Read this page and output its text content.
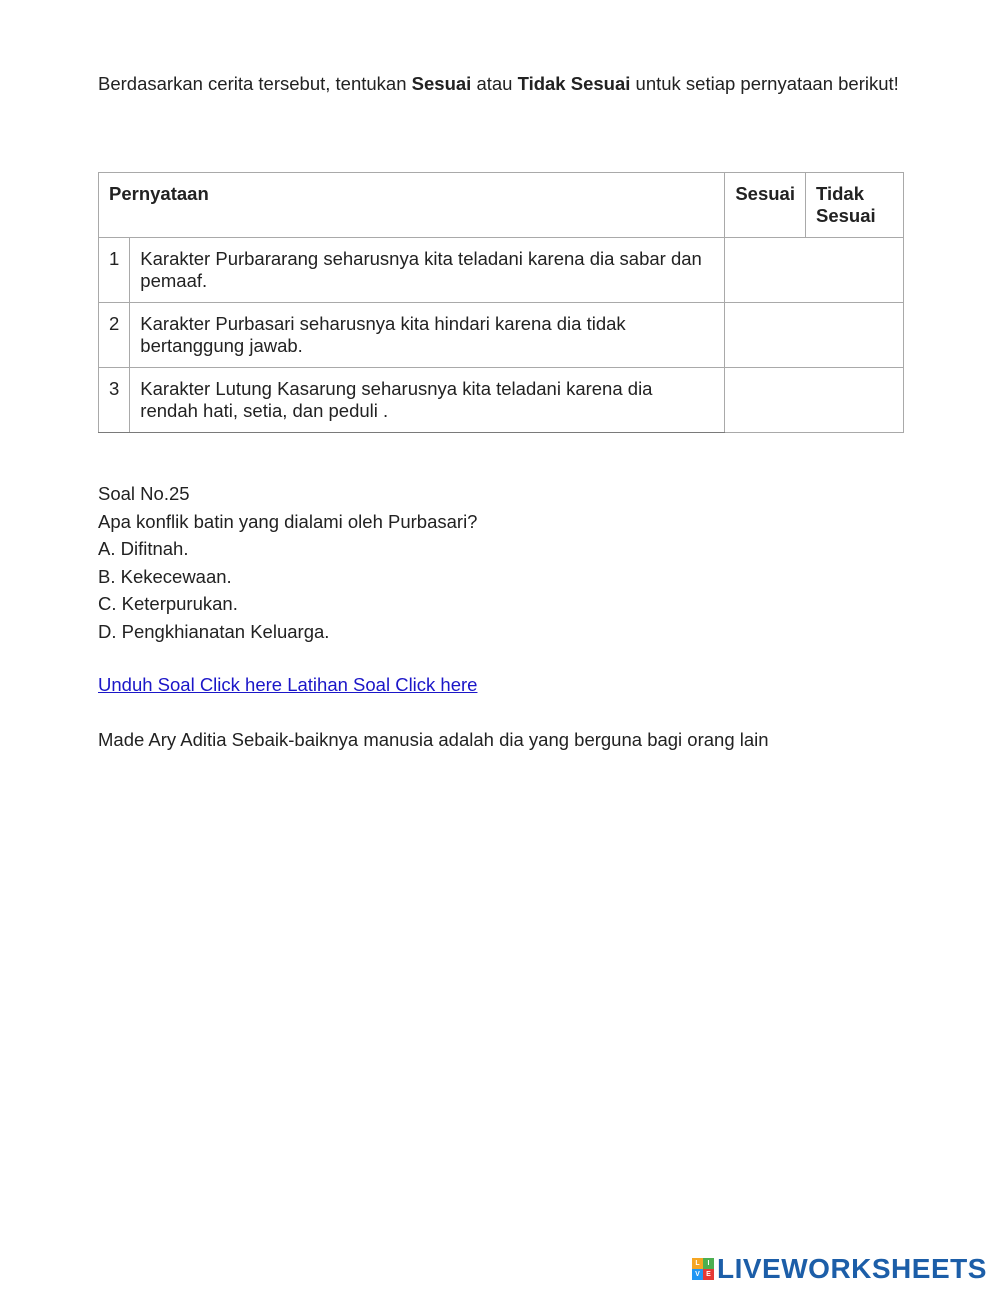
Berdasarkan cerita tersebut, tentukan Sesuai atau Tidak Sesuai untuk setiap pernyataan berikut!

Pernyataan		Sesuai	Tidak Sesuai
1	Karakter Purbararang seharusnya kita teladani karena dia sabar dan pemaaf.		
2	Karakter Purbasari seharusnya kita hindari karena dia tidak bertanggung jawab.		
3	Karakter Lutung Kasarung seharusnya kita teladani karena dia rendah hati, setia, dan peduli .		
Soal No.25
Apa konflik batin yang dialami oleh Purbasari?
A. Difitnah.
B. Kekecewaan.
C. Keterpurukan.
D. Pengkhianatan Keluarga.
Unduh Soal Click here Latihan Soal Click here
Made Ary Aditia Sebaik-baiknya manusia adalah dia yang berguna bagi orang lain
L	I
V E LIVEWORKSHEETS
